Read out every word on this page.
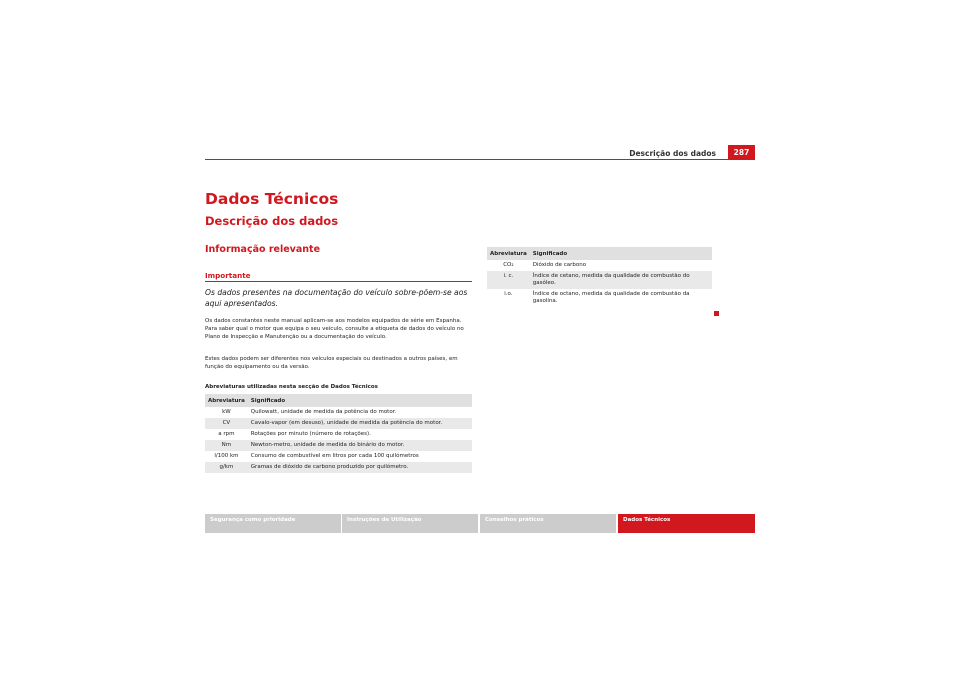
Descrição dos dados	287
Dados Técnicos
Descrição dos dados
Informação relevante
Importante
Os dados presentes na documentação do veículo sobre-põem-se aos aqui apresentados.
Os dados constantes neste manual aplicam-se aos modelos equipados de série em Espanha. Para saber qual o motor que equipa o seu veículo, consulte a etiqueta de dados do veículo no Plano de Inspecção e Manutenção ou a documentação do veículo.
Estes dados podem ser diferentes nos veículos especiais ou destinados a outros países, em função do equipamento ou da versão.
Abreviaturas utilizadas nesta secção de Dados Técnicos
Abreviatura	Significado
kW	Quilowatt, unidade de medida da potência do motor.
CV	Cavalo-vapor (em desuso), unidade de medida da potência do motor.
a rpm	Rotações por minuto (número de rotações).
Nm	Newton-metro, unidade de medida do binário do motor.
l/100 km	Consumo de combustível em litros por cada 100 quilómetros
g/km	Gramas de dióxido de carbono produzido por quilómetro.
Abreviatura	Significado
CO₂	Dióxido de carbono
i. c.	Índice de cetano, medida da qualidade de combustão do gasóleo.
i.o.	Índice de octano, medida da qualidade de combustão da gasolina.
Segurança como prioridade	Instruções de Utilização	Conselhos práticos	Dados Técnicos
